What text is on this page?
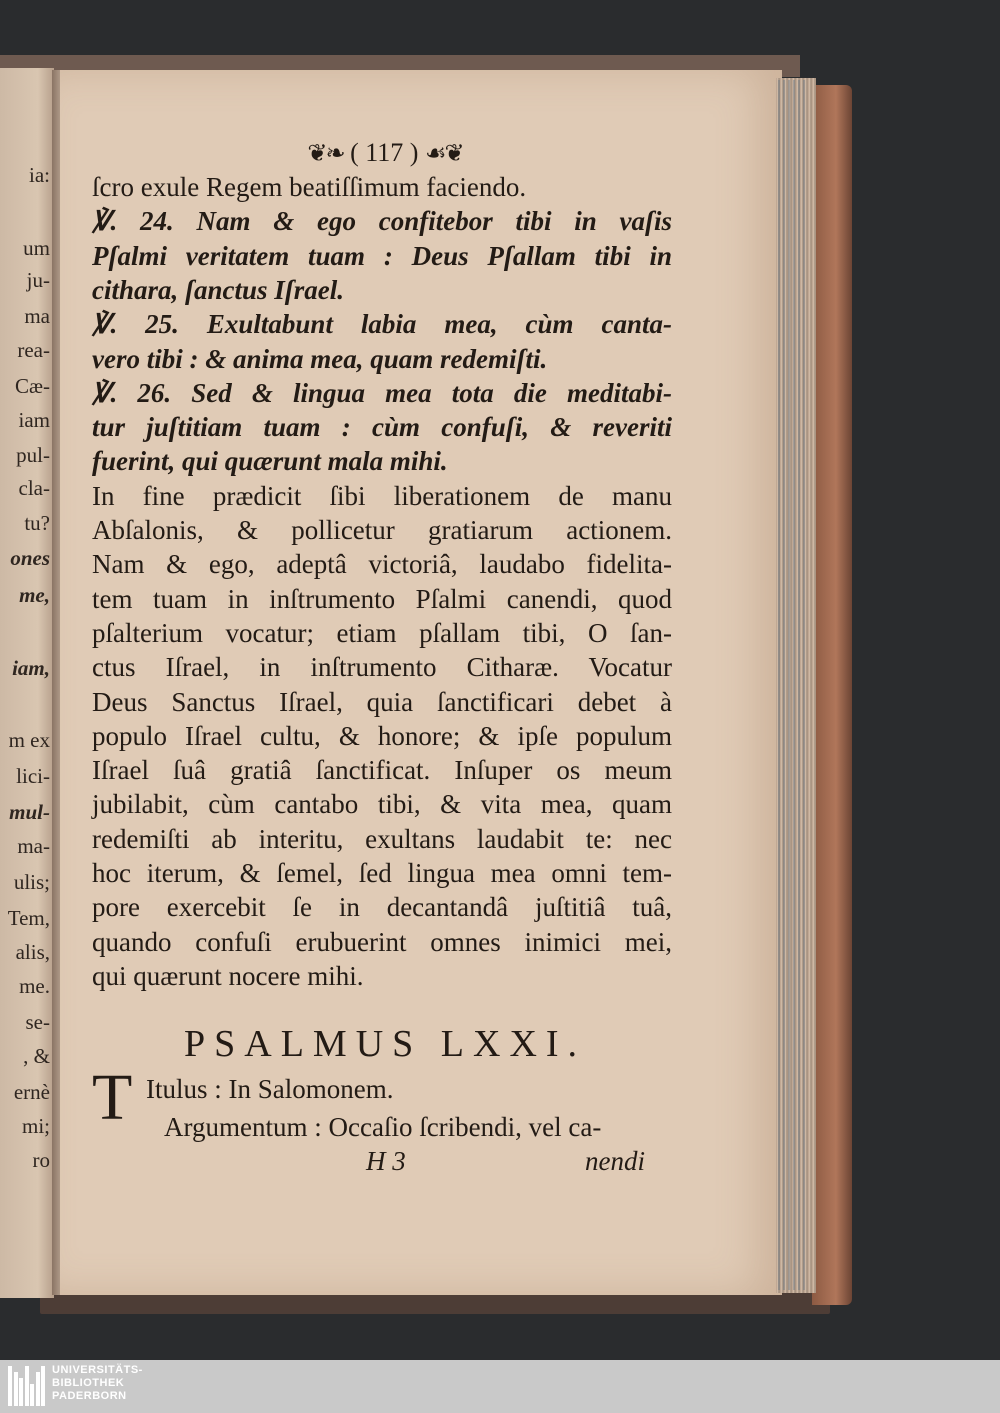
ia:
um
ju-
ma
rea-
Cæ-
iam
pul-
cla-
tu?
ones
me,
iam,
m ex
lici-
mul-
ma-
ulis;
Tem,
alis,
me.
se-
, &
ernè
mi;
ro
❦❧ ( 117 ) ☙❦
ſcro exule Regem beatiſſimum faciendo.
℣. 24. Nam & ego confitebor tibi in vaſis
Pſalmi veritatem tuam : Deus Pſallam tibi in
cithara, ſanctus Iſrael.
℣. 25. Exultabunt labia mea, cùm canta-
vero tibi : & anima mea, quam redemiſti.
℣. 26. Sed & lingua mea tota die meditabi-
tur juſtitiam tuam : cùm confuſi, & reveriti
fuerint, qui quærunt mala mihi.
In fine prædicit ſibi liberationem de manu
Abſalonis, & pollicetur gratiarum actionem.
Nam & ego, adeptâ victoriâ, laudabo fidelita-
tem tuam in inſtrumento Pſalmi canendi, quod
pſalterium vocatur; etiam pſallam tibi, O ſan-
ctus Iſrael, in inſtrumento Citharæ. Vocatur
Deus Sanctus Iſrael, quia ſanctificari debet à
populo Iſrael cultu, & honore; & ipſe populum
Iſrael ſuâ gratiâ ſanctificat. Inſuper os meum
jubilabit, cùm cantabo tibi, & vita mea, quam
redemiſti ab interitu, exultans laudabit te: nec
hoc iterum, & ſemel, ſed lingua mea omni tem-
pore exercebit ſe in decantandâ juſtitiâ tuâ,
quando confuſi erubuerint omnes inimici mei,
qui quærunt nocere mihi.
PSALMUS LXXI.
T Itulus : In Salomonem.
Argumentum : Occaſio ſcribendi, vel ca-
H 3	nendi
UNIVERSITÄTS-
BIBLIOTHEK
PADERBORN
